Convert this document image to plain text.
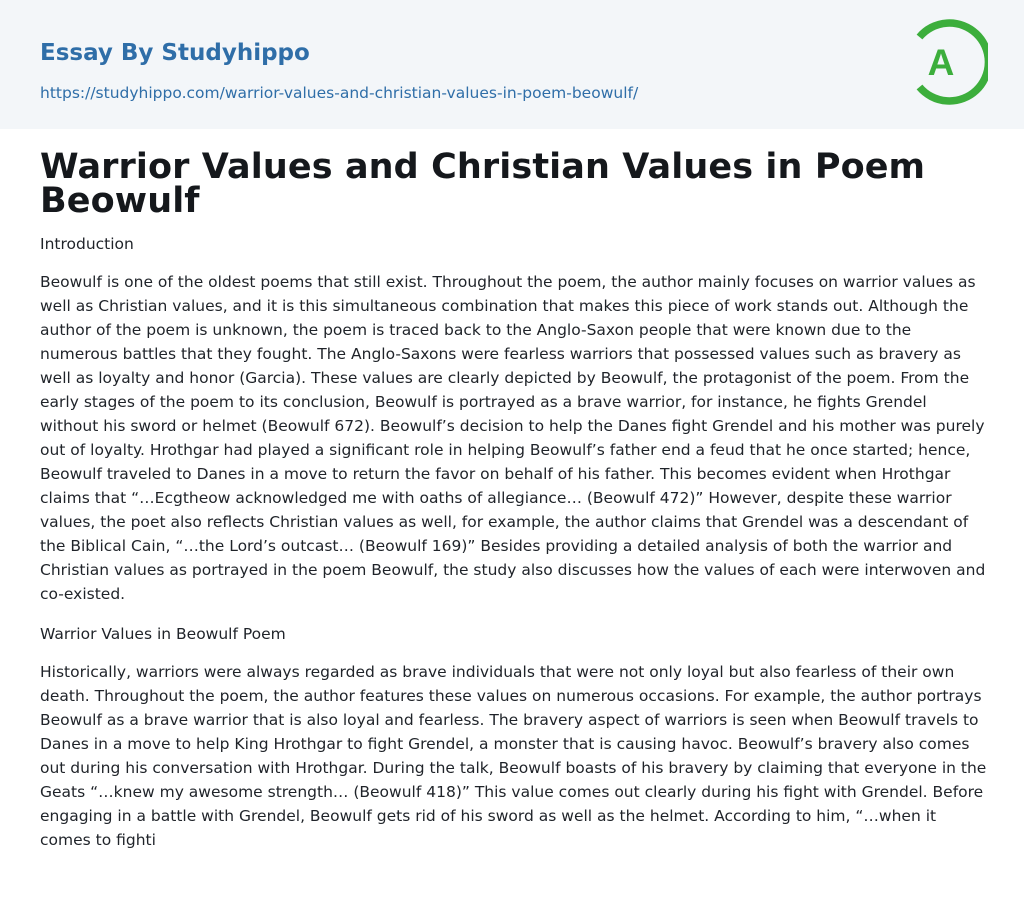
Essay By Studyhippo
https://studyhippo.com/warrior-values-and-christian-values-in-poem-beowulf/
A
Warrior Values and Christian Values in Poem Beowulf
Introduction

Beowulf is one of the oldest poems that still exist. Throughout the poem, the author mainly focuses on warrior values as well as Christian values, and it is this simultaneous combination that makes this piece of work stands out. Although the author of the poem is unknown, the poem is traced back to the Anglo-Saxon people that were known due to the numerous battles that they fought. The Anglo-Saxons were fearless warriors that possessed values such as bravery as well as loyalty and honor (Garcia). These values are clearly depicted by Beowulf, the protagonist of the poem. From the early stages of the poem to its conclusion, Beowulf is portrayed as a brave warrior, for instance, he fights Grendel without his sword or helmet (Beowulf 672). Beowulf’s decision to help the Danes fight Grendel and his mother was purely out of loyalty. Hrothgar had played a significant role in helping Beowulf’s father end a feud that he once started; hence, Beowulf traveled to Danes in a move to return the favor on behalf of his father. This becomes evident when Hrothgar claims that “…Ecgtheow acknowledged me with oaths of allegiance… (Beowulf 472)” However, despite these warrior values, the poet also reflects Christian values as well, for example, the author claims that Grendel was a descendant of the Biblical Cain, “…the Lord’s outcast… (Beowulf 169)” Besides providing a detailed analysis of both the warrior and Christian values as portrayed in the poem Beowulf, the study also discusses how the values of each were interwoven and co-existed.

Warrior Values in Beowulf Poem

Historically, warriors were always regarded as brave individuals that were not only loyal but also fearless of their own death. Throughout the poem, the author features these values on numerous occasions. For example, the author portrays Beowulf as a brave warrior that is also loyal and fearless. The bravery aspect of warriors is seen when Beowulf travels to Danes in a move to help King Hrothgar to fight Grendel, a monster that is causing havoc. Beowulf’s bravery also comes out during his conversation with Hrothgar. During the talk, Beowulf boasts of his bravery by claiming that everyone in the Geats “…knew my awesome strength… (Beowulf 418)” This value comes out clearly during his fight with Grendel. Before engaging in a battle with Grendel, Beowulf gets rid of his sword as well as the helmet. According to him, “…when it comes to fighti
